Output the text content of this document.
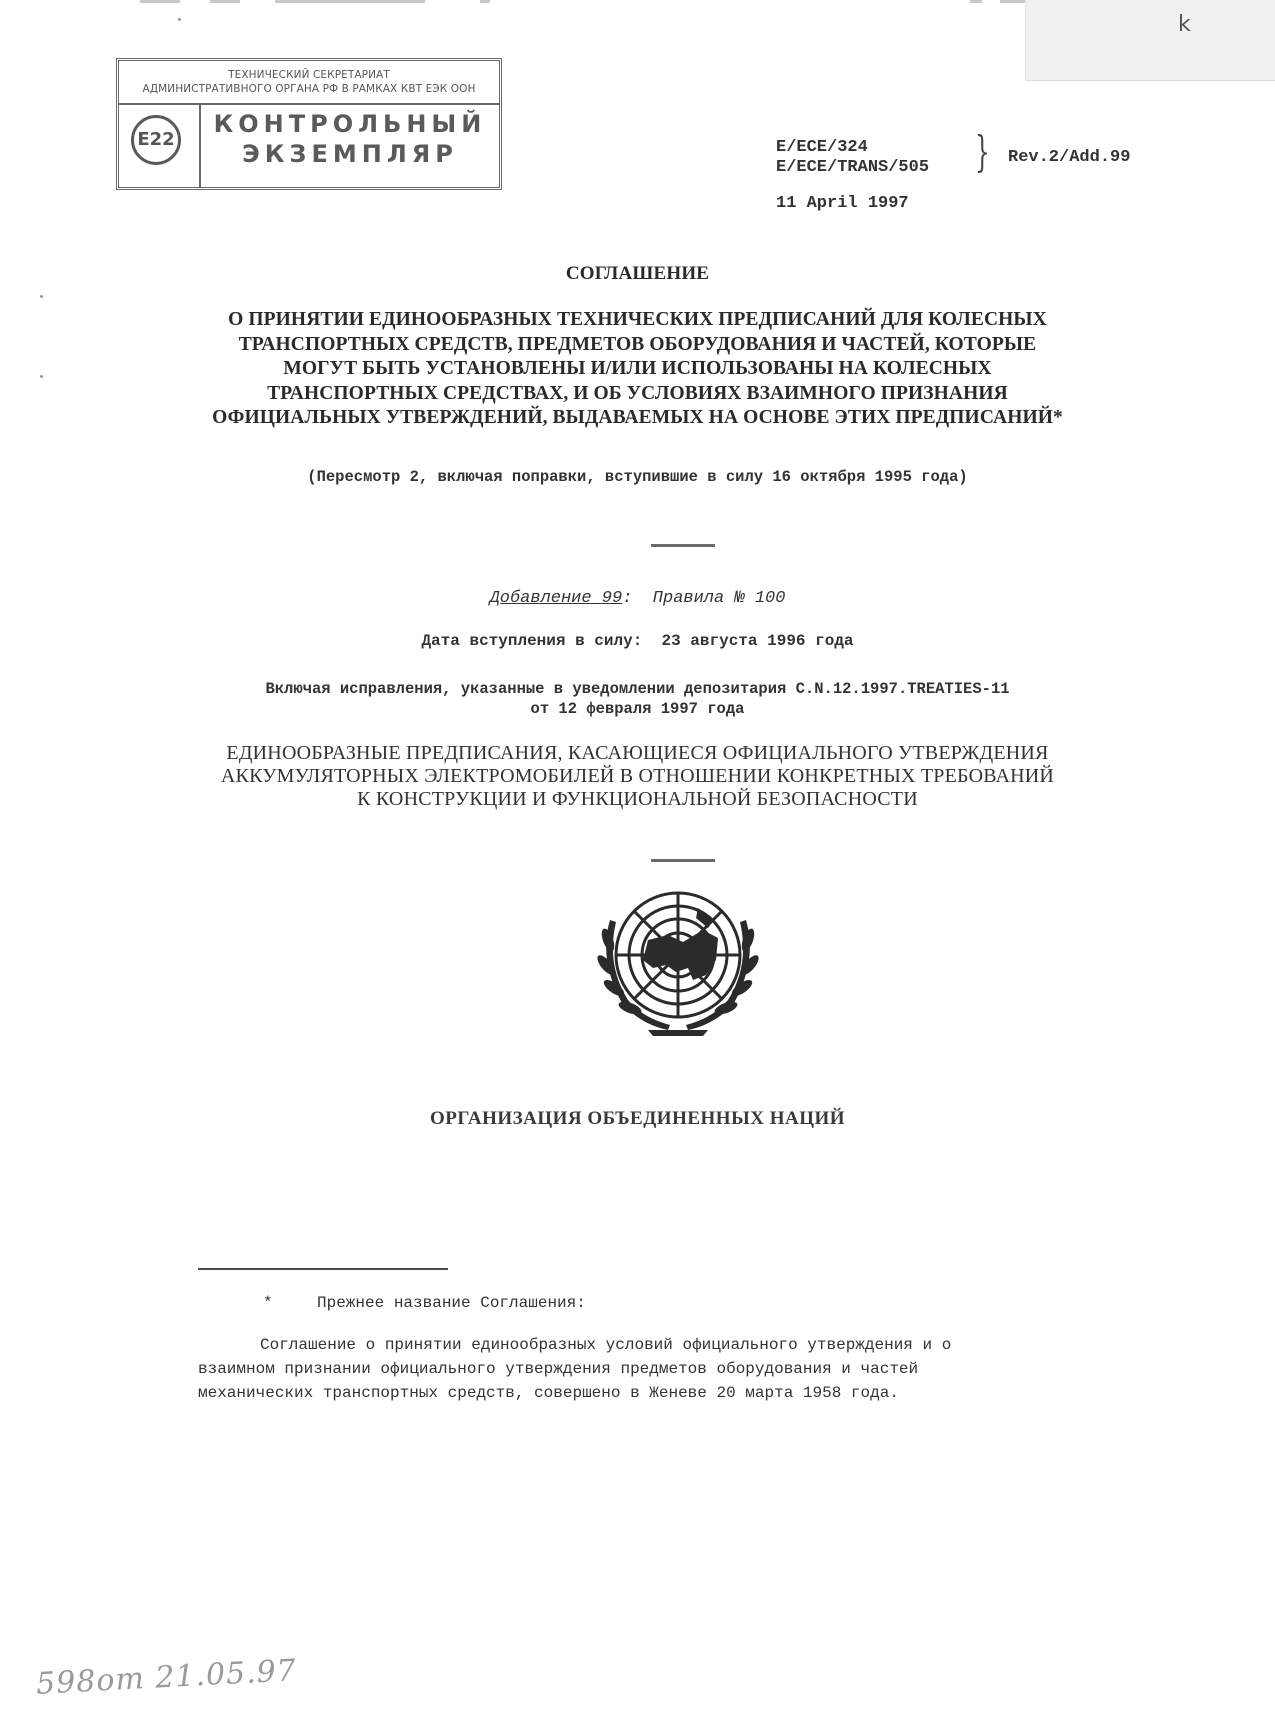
k
ТЕХНИЧЕСКИЙ СЕКРЕТАРИАТ
АДМИНИСТРАТИВНОГО ОРГАНА РФ В РАМКАХ КВТ ЕЭК ООН
E22
КОНТРОЛЬНЫЙ
ЭКЗЕМПЛЯР	E/ECE/324
E/ECE/TRANS/505 } Rev.2/Add.99
11 April 1997
СОГЛАШЕНИЕ
О ПРИНЯТИИ ЕДИНООБРАЗНЫХ ТЕХНИЧЕСКИХ ПРЕДПИСАНИЙ ДЛЯ КОЛЕСНЫХ
ТРАНСПОРТНЫХ СРЕДСТВ, ПРЕДМЕТОВ ОБОРУДОВАНИЯ И ЧАСТЕЙ, КОТОРЫЕ
МОГУТ БЫТЬ УСТАНОВЛЕНЫ И/ИЛИ ИСПОЛЬЗОВАНЫ НА КОЛЕСНЫХ
ТРАНСПОРТНЫХ СРЕДСТВАХ, И ОБ УСЛОВИЯХ ВЗАИМНОГО ПРИЗНАНИЯ
ОФИЦИАЛЬНЫХ УТВЕРЖДЕНИЙ, ВЫДАВАЕМЫХ НА ОСНОВЕ ЭТИХ ПРЕДПИСАНИЙ*
(Пересмотр 2, включая поправки, вступившие в силу 16 октября 1995 года)
Добавление 99: Правила № 100
Дата вступления в силу:  23 августа 1996 года
Включая исправления, указанные в уведомлении депозитария C.N.12.1997.TREATIES-11
от 12 февраля 1997 года
ЕДИНООБРАЗНЫЕ ПРЕДПИСАНИЯ, КАСАЮЩИЕСЯ ОФИЦИАЛЬНОГО УТВЕРЖДЕНИЯ
АККУМУЛЯТОРНЫХ ЭЛЕКТРОМОБИЛЕЙ В ОТНОШЕНИИ КОНКРЕТНЫХ ТРЕБОВАНИЙ
К КОНСТРУКЦИИ И ФУНКЦИОНАЛЬНОЙ БЕЗОПАСНОСТИ
ОРГАНИЗАЦИЯ ОБЪЕДИНЕННЫХ НАЦИЙ
*	Прежнее название Соглашения:
Соглашение о принятии единообразных условий официального утверждения и о
взаимном признании официального утверждения предметов оборудования и частей
механических транспортных средств, совершено в Женеве 20 марта 1958 года.
598от 21.05.97
